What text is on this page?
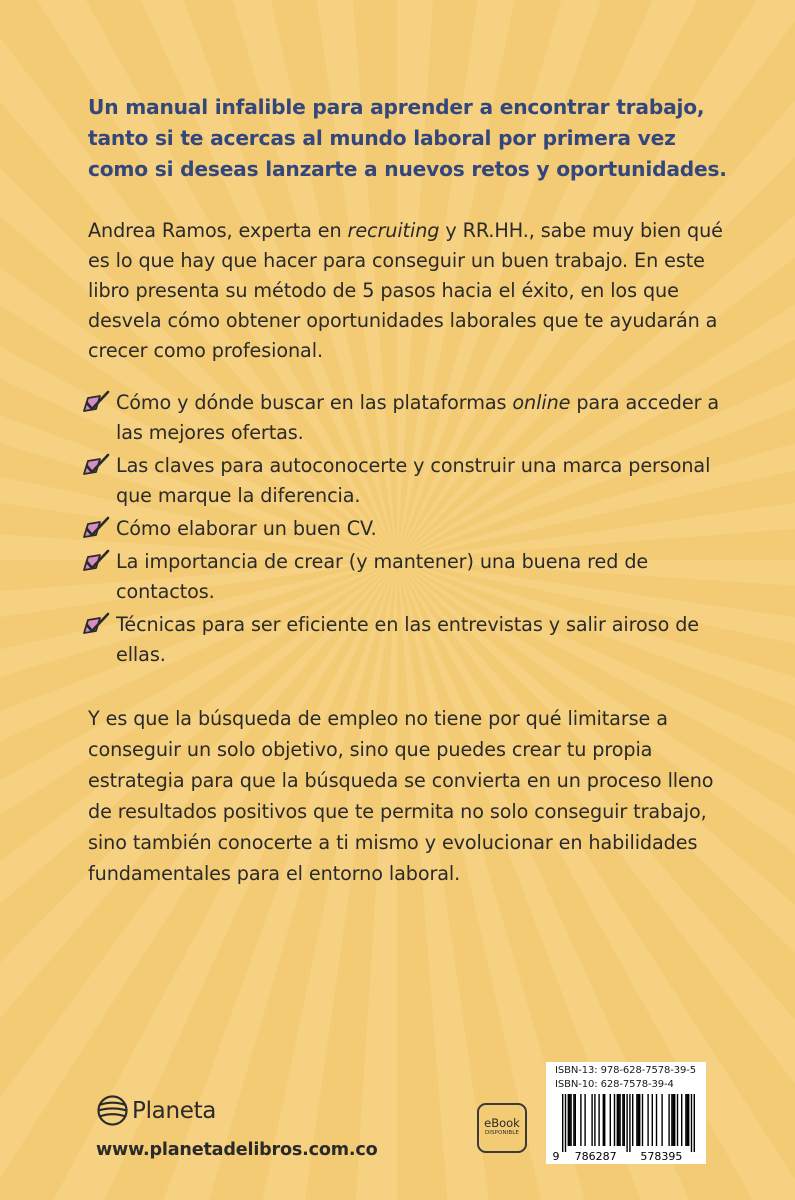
Un manual infalible para aprender a encontrar trabajo, tanto si te acercas al mundo laboral por primera vez como si deseas lanzarte a nuevos retos y oportunidades.

Andrea Ramos, experta en recruiting y RR.HH., sabe muy bien qué es lo que hay que hacer para conseguir un buen trabajo. En este libro presenta su método de 5 pasos hacia el éxito, en los que desvela cómo obtener oportunidades laborales que te ayudarán a crecer como profesional.

Cómo y dónde buscar en las plataformas online para acceder a las mejores ofertas.
Las claves para autoconocerte y construir una marca personal que marque la diferencia.
Cómo elaborar un buen CV.
La importancia de crear (y mantener) una buena red de contactos.
Técnicas para ser eficiente en las entrevistas y salir airoso de ellas.

Y es que la búsqueda de empleo no tiene por qué limitarse a conseguir un solo objetivo, sino que puedes crear tu propia estrategia para que la búsqueda se convierta en un proceso lleno de resultados positivos que te permita no solo conseguir trabajo, sino también conocerte a ti mismo y evolucionar en habilidades fundamentales para el entorno laboral.

Planeta
www.planetadelibros.com.co
eBook
DISPONIBLE
ISBN-13: 978-628-7578-39-5
ISBN-10: 628-7578-39-4
9 786287 578395
